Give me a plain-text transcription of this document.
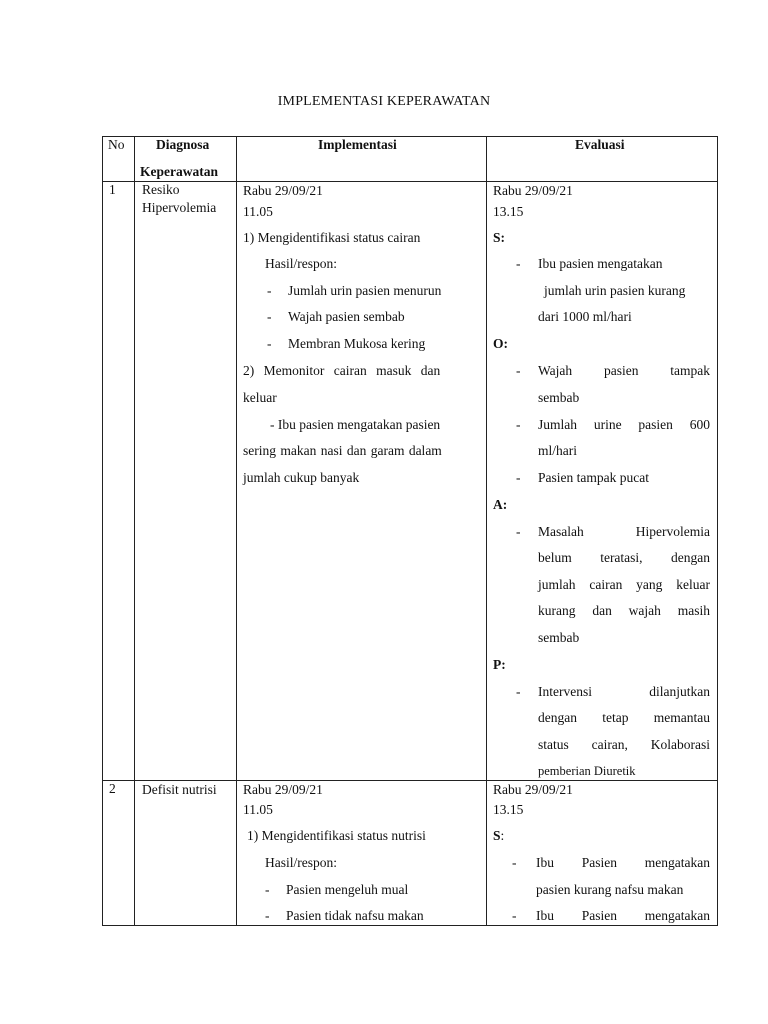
IMPLEMENTASI KEPERAWATAN
No Diagnosa
Keperawatan
Implementasi	Evaluasi
1 Resiko
Hipervolemia
Rabu 29/09/21
11.05
1) Mengidentifikasi status cairan
Hasil/respon:
- Jumlah urin pasien menurun
- Wajah pasien sembab
- Membran Mukosa kering
2) Memonitor cairan masuk dan
keluar
- Ibu pasien mengatakan pasien
sering makan nasi dan garam dalam
jumlah cukup banyak
Rabu 29/09/21
13.15
S:
- Ibu pasien mengatakan
jumlah urin pasien kurang
dari 1000 ml/hari
O:
- Wajah pasien tampak
sembab
- Jumlah urine pasien 600
ml/hari
- Pasien tampak pucat
A:
- Masalah Hipervolemia
belum teratasi, dengan
jumlah cairan yang keluar
kurang dan wajah masih
sembab
P:
- Intervensi dilanjutkan
dengan tetap memantau
status cairan, Kolaborasi
pemberian Diuretik
2 Defisit nutrisi Rabu 29/09/21
11.05
1) Mengidentifikasi status nutrisi
Hasil/respon:
- Pasien mengeluh mual
- Pasien tidak nafsu makan
Rabu 29/09/21
13.15
S:
- Ibu Pasien mengatakan
pasien kurang nafsu makan
- Ibu Pasien mengatakan
